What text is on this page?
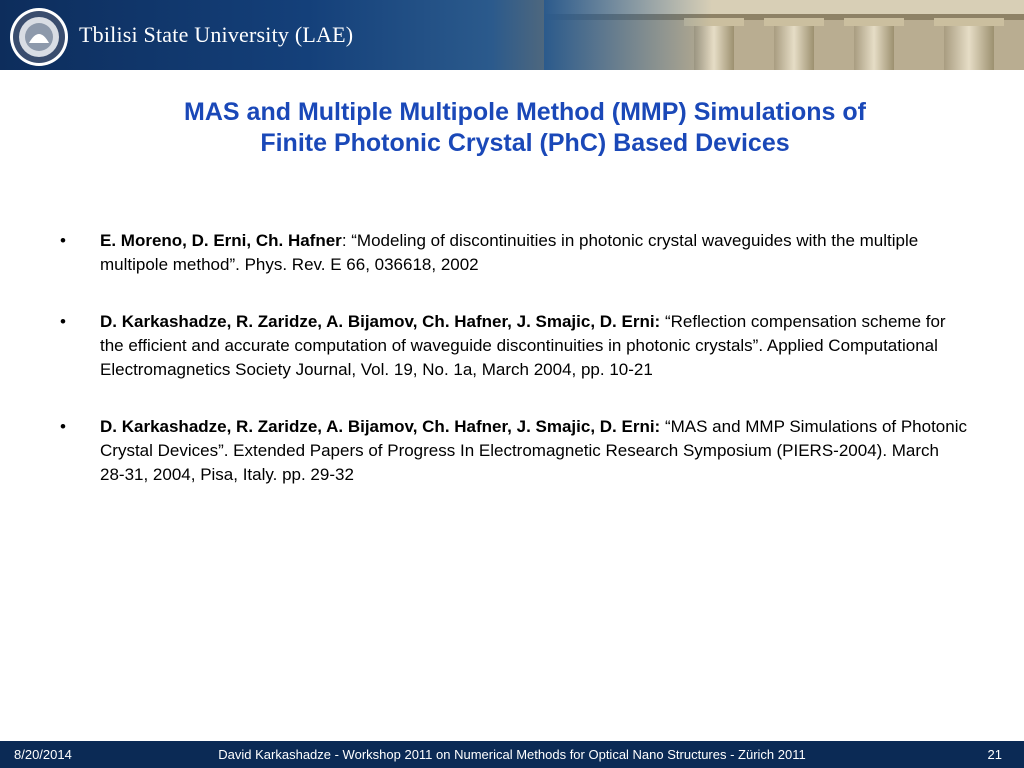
Tbilisi State University (LAE)
MAS and Multiple Multipole Method (MMP) Simulations of
Finite Photonic Crystal (PhC) Based Devices
• E. Moreno, D. Erni, Ch. Hafner: “Modeling of discontinuities in photonic crystal waveguides with the multiple multipole method”. Phys. Rev. E 66, 036618, 2002
• D. Karkashadze, R. Zaridze, A. Bijamov, Ch. Hafner, J. Smajic, D. Erni: “Reflection compensation scheme for the efficient and accurate computation of waveguide discontinuities in photonic crystals”. Applied Computational Electromagnetics Society Journal, Vol. 19, No. 1a, March 2004, pp. 10-21
• D. Karkashadze, R. Zaridze, A. Bijamov, Ch. Hafner, J. Smajic, D. Erni: “MAS and MMP Simulations of Photonic Crystal Devices”. Extended Papers of Progress In Electromagnetic Research Symposium (PIERS-2004). March 28-31, 2004, Pisa, Italy. pp. 29-32
David Karkashadze - Workshop 2011 on Numerical Methods for Optical Nano Structures - Zürich 2011
8/20/2014	21
